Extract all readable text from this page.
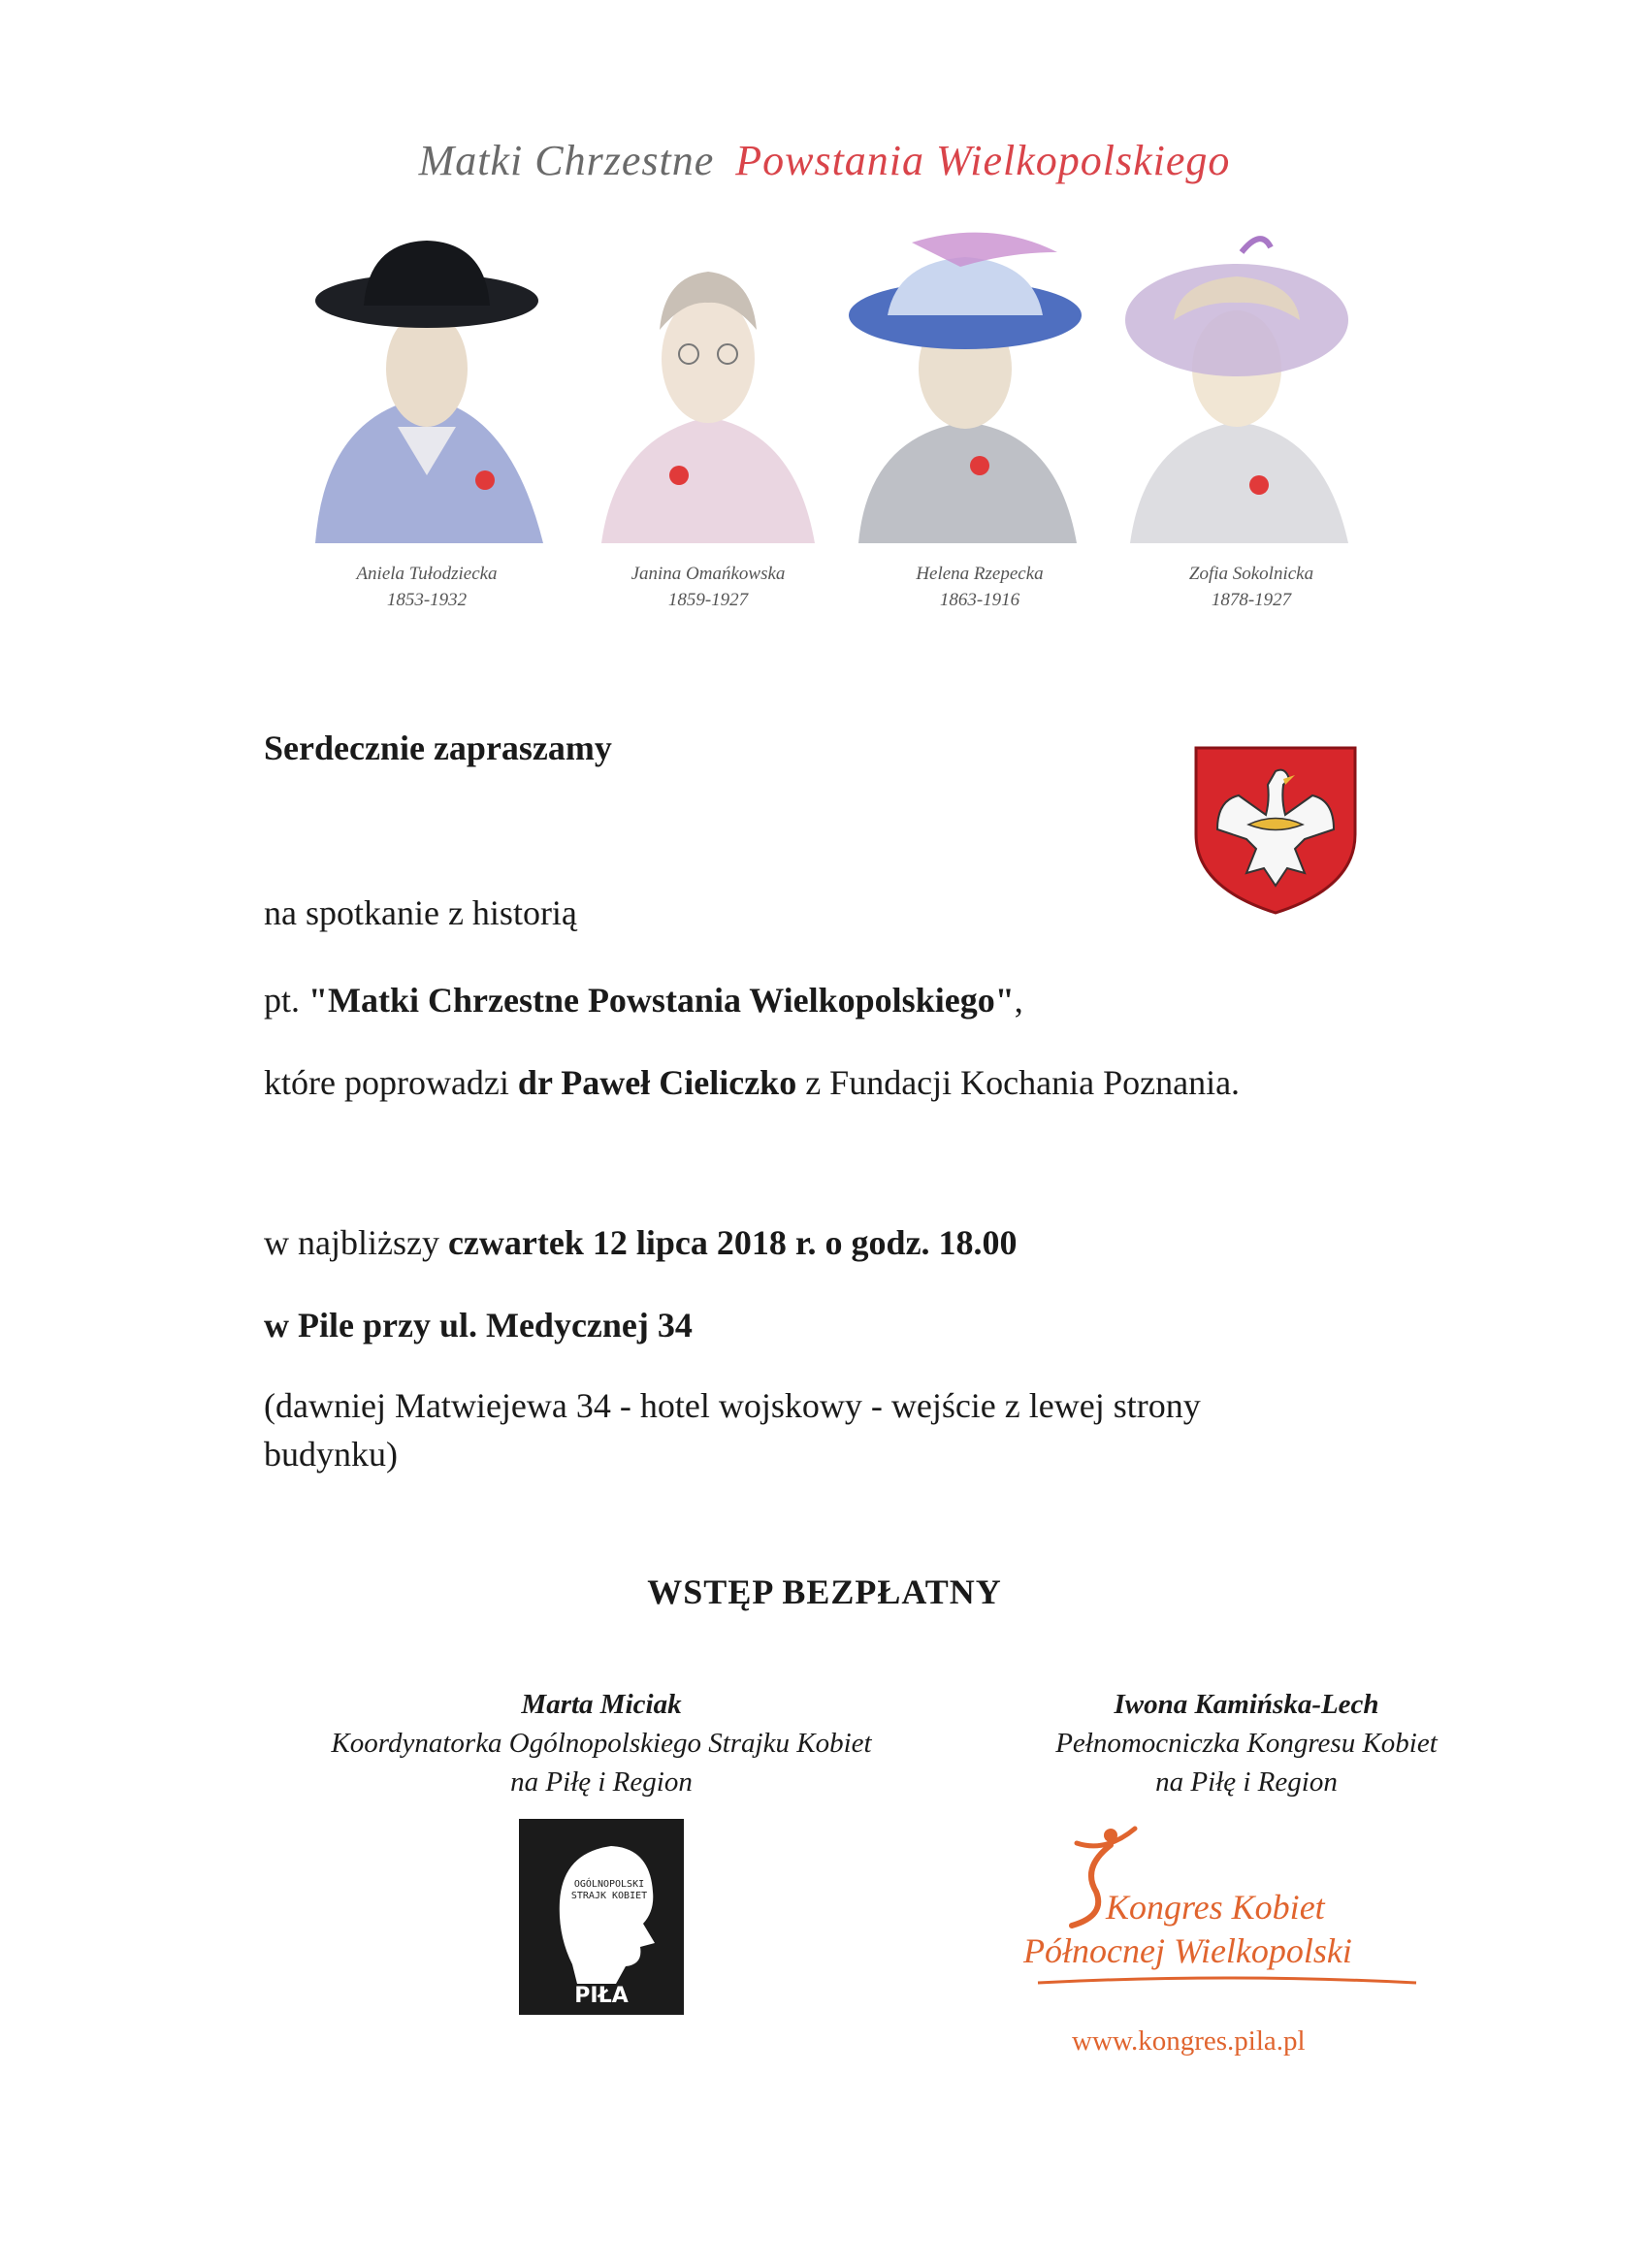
Matki Chrzestne Powstania Wielkopolskiego
Aniela Tułodziecka
1853-1932
Janina Omańkowska
1859-1927
Helena Rzepecka
1863-1916
Zofia Sokolnicka
1878-1927
Serdecznie zapraszamy
na spotkanie z historią
pt. "Matki Chrzestne Powstania Wielkopolskiego",
które poprowadzi dr Paweł Cieliczko z Fundacji Kochania Poznania.
w najbliższy czwartek 12 lipca 2018 r. o godz. 18.00
w Pile przy ul. Medycznej 34
(dawniej Matwiejewa 34 - hotel wojskowy - wejście z lewej strony
budynku)
WSTĘP BEZPŁATNY
Marta Miciak
Koordynatorka Ogólnopolskiego Strajku Kobiet
na Piłę i Region
OGÓLNOPOLSKI
STRAJK KOBIET
PIŁA
Iwona Kamińska-Lech
Pełnomocniczka Kongresu Kobiet
na Piłę i Region
Kongres Kobiet
Północnej Wielkopolski
www.kongres.pila.pl
